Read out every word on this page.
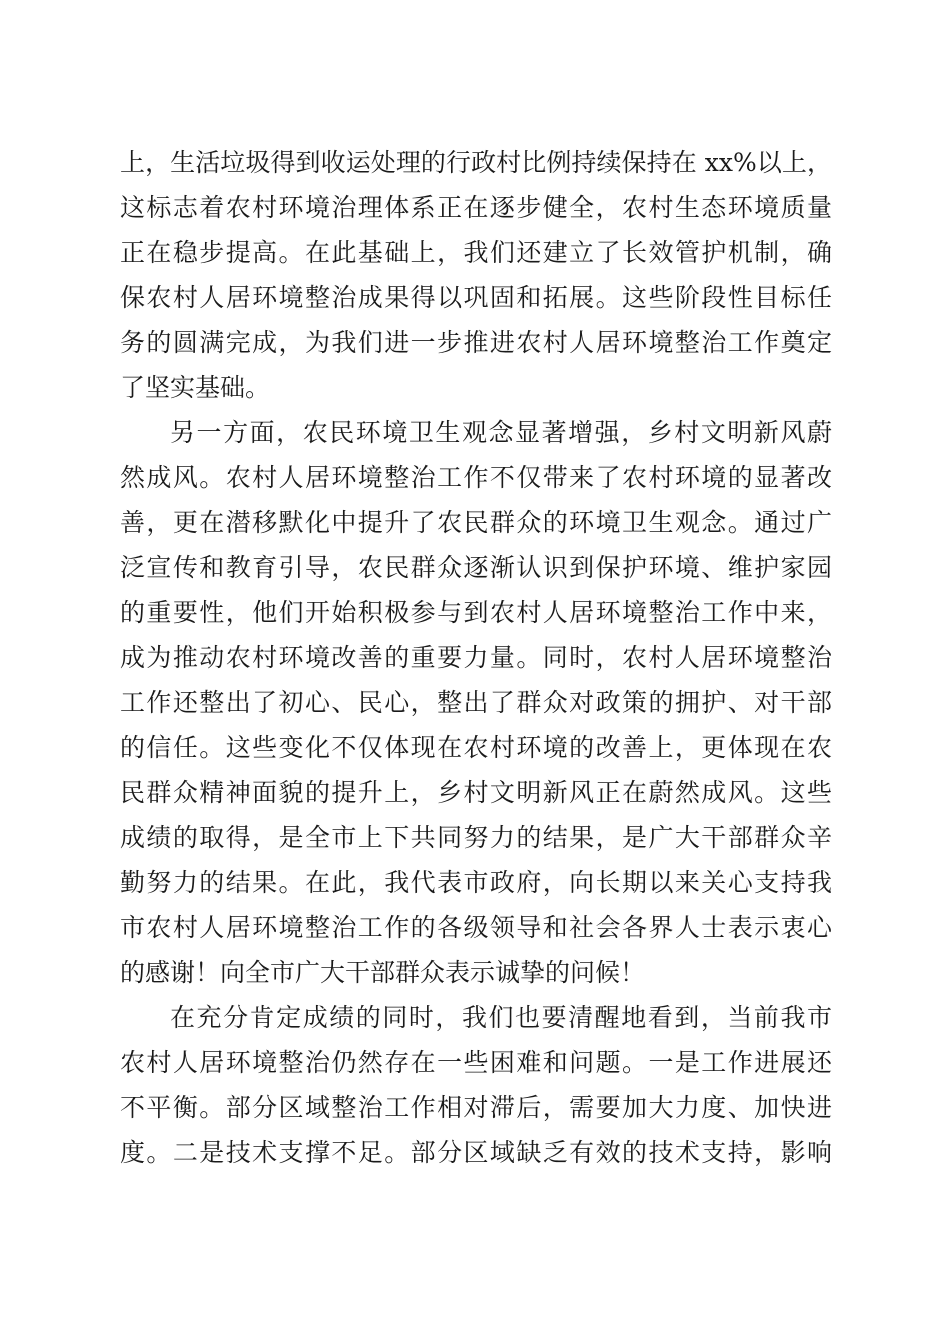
上，生活垃圾得到收运处理的行政村比例持续保持在 xx%以上，
这标志着农村环境治理体系正在逐步健全，农村生态环境质量
正在稳步提高。在此基础上，我们还建立了长效管护机制，确
保农村人居环境整治成果得以巩固和拓展。这些阶段性目标任
务的圆满完成，为我们进一步推进农村人居环境整治工作奠定
了坚实基础。
另一方面，农民环境卫生观念显著增强，乡村文明新风蔚
然成风。农村人居环境整治工作不仅带来了农村环境的显著改
善，更在潜移默化中提升了农民群众的环境卫生观念。通过广
泛宣传和教育引导，农民群众逐渐认识到保护环境、维护家园
的重要性，他们开始积极参与到农村人居环境整治工作中来，
成为推动农村环境改善的重要力量。同时，农村人居环境整治
工作还整出了初心、民心，整出了群众对政策的拥护、对干部
的信任。这些变化不仅体现在农村环境的改善上，更体现在农
民群众精神面貌的提升上，乡村文明新风正在蔚然成风。这些
成绩的取得，是全市上下共同努力的结果，是广大干部群众辛
勤努力的结果。在此，我代表市政府，向长期以来关心支持我
市农村人居环境整治工作的各级领导和社会各界人士表示衷心
的感谢！向全市广大干部群众表示诚挚的问候！
在充分肯定成绩的同时，我们也要清醒地看到，当前我市
农村人居环境整治仍然存在一些困难和问题。一是工作进展还
不平衡。部分区域整治工作相对滞后，需要加大力度、加快进
度。二是技术支撑不足。部分区域缺乏有效的技术支持，影响
